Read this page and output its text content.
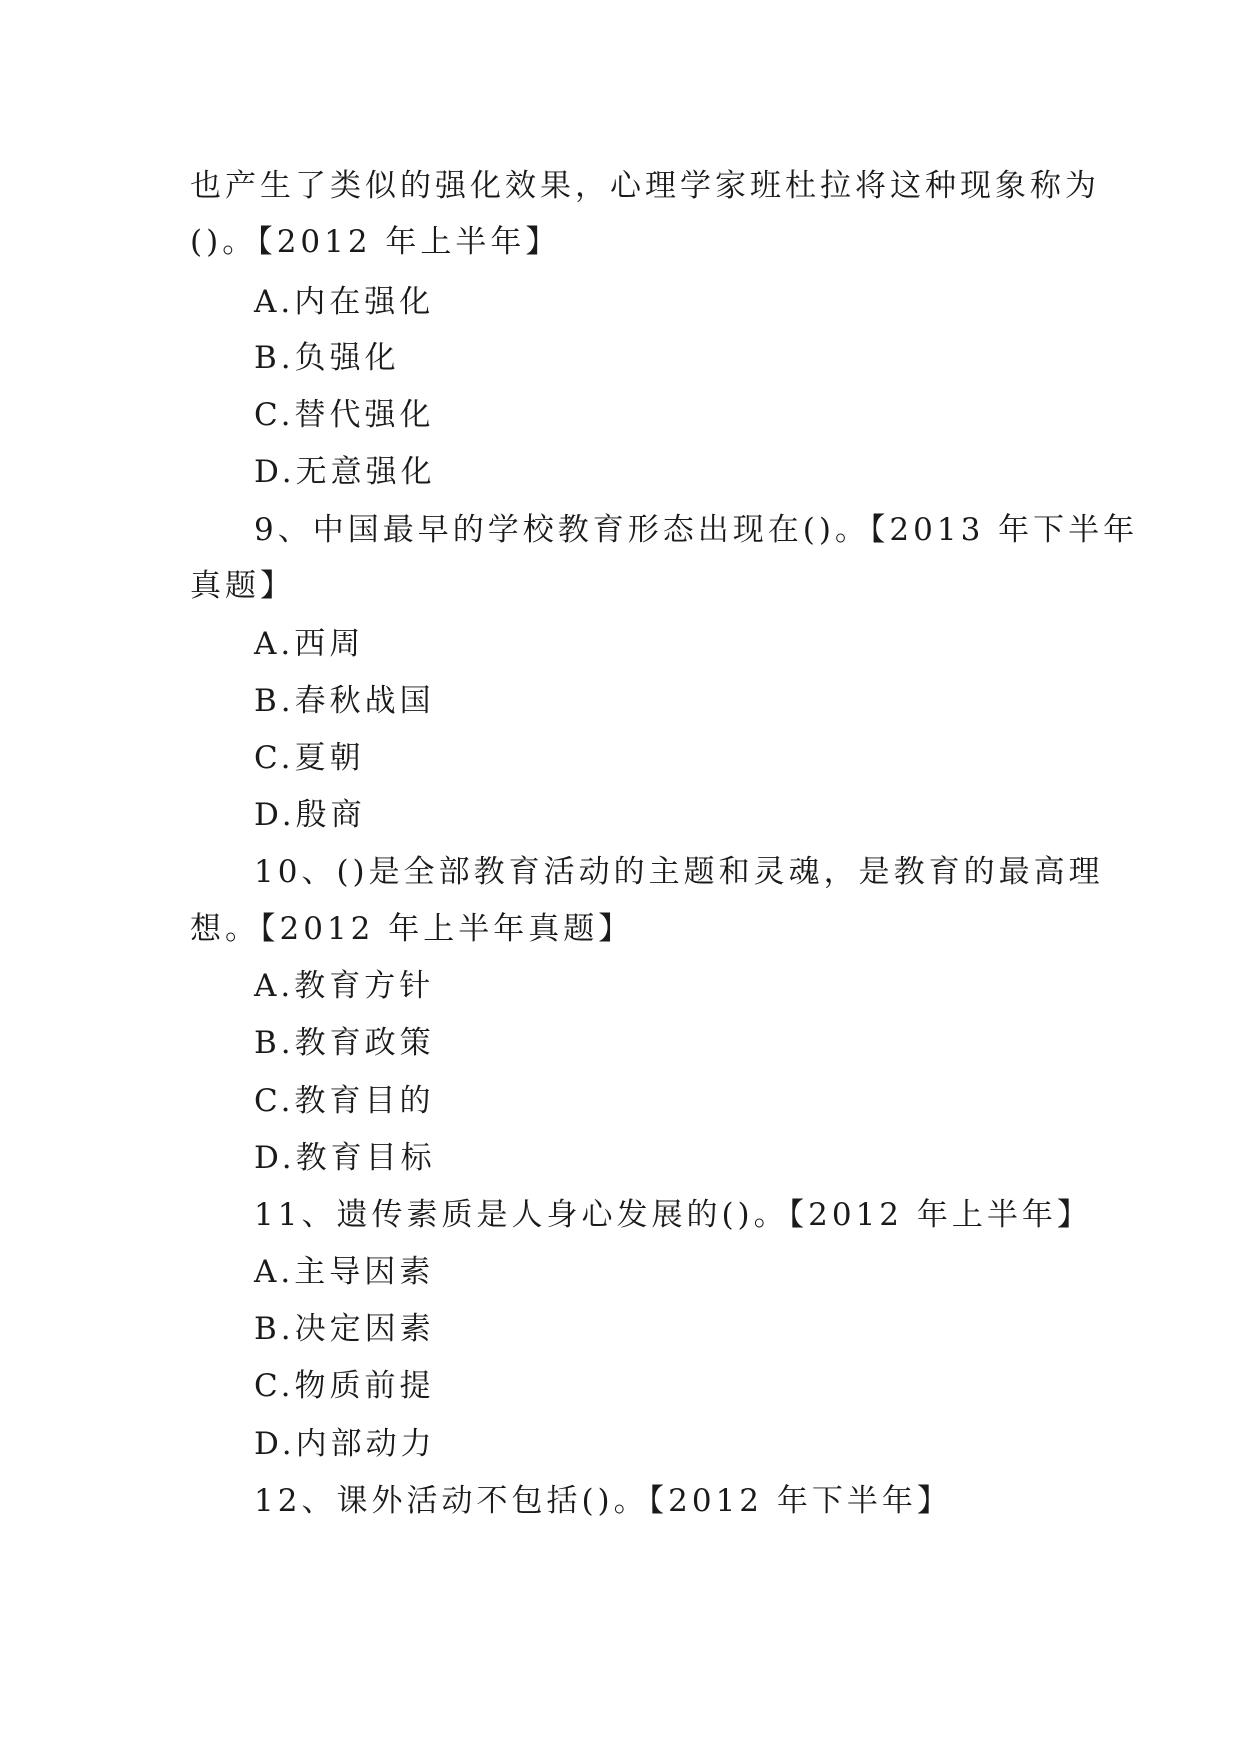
也产生了类似的强化效果，心理学家班杜拉将这种现象称为
()。【2012 年上半年】
A.内在强化
B.负强化
C.替代强化
D.无意强化
9、中国最早的学校教育形态出现在()。【2013 年下半年
真题】
A.西周
B.春秋战国
C.夏朝
D.殷商
10、()是全部教育活动的主题和灵魂，是教育的最高理
想。【2012 年上半年真题】
A.教育方针
B.教育政策
C.教育目的
D.教育目标
11、遗传素质是人身心发展的()。【2012 年上半年】
A.主导因素
B.决定因素
C.物质前提
D.内部动力
12、课外活动不包括()。【2012 年下半年】
